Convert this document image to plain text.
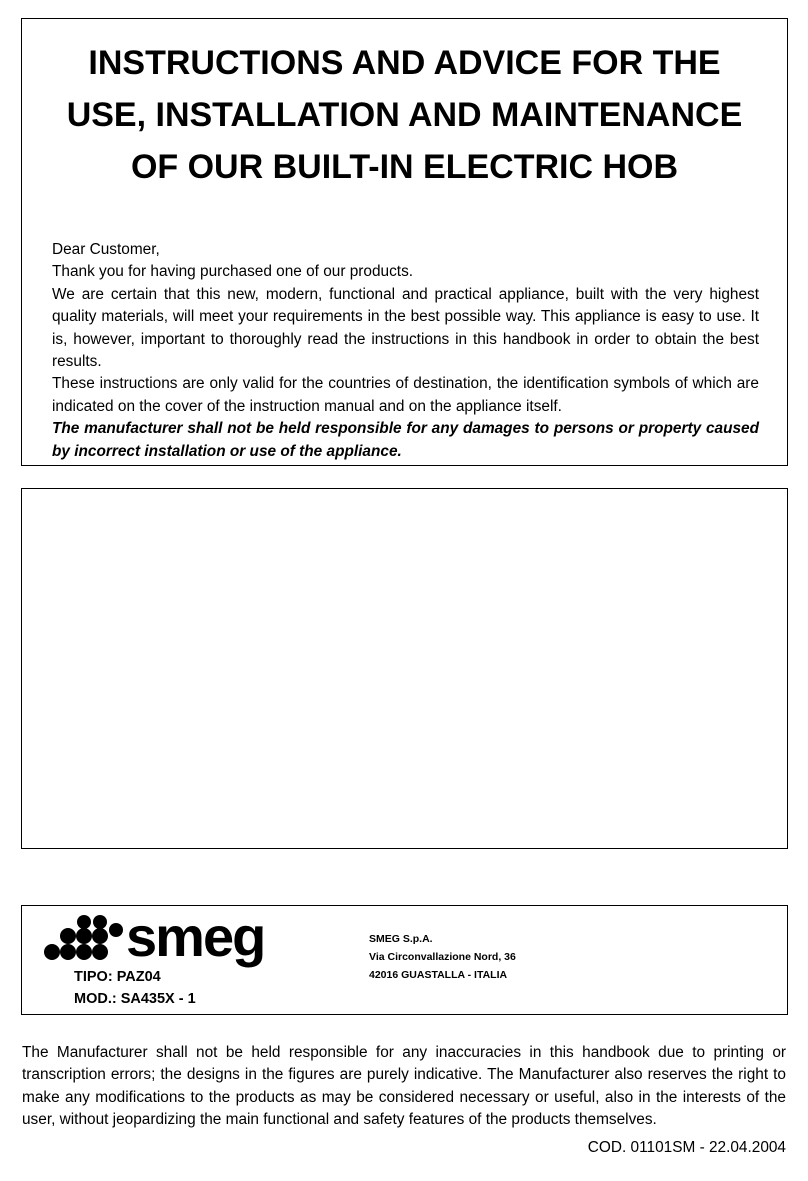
INSTRUCTIONS AND ADVICE FOR THE
USE, INSTALLATION AND MAINTENANCE
OF OUR BUILT-IN ELECTRIC HOB

Dear Customer,

Thank you for having purchased one of our products.

We are certain that this new, modern, functional and practical appliance, built with the very highest quality materials, will meet your requirements in the best possible way. This appliance is easy to use. It is, however, important to thoroughly read the instructions in this handbook in order to obtain the best results.

These instructions are only valid for the countries of destination, the identification symbols of which are indicated on the cover of the instruction manual and on the appliance itself.

The manufacturer shall not be held responsible for any damages to persons or property caused by incorrect installation or use of the appliance.

smeg
TIPO: PAZ04
MOD.: SA435X - 1
SMEG S.p.A.
Via Circonvallazione Nord, 36
42016 GUASTALLA - ITALIA

The Manufacturer shall not be held responsible for any inaccuracies in this handbook due to printing or transcription errors; the designs in the figures are purely indicative. The Manufacturer also reserves the right to make any modifications to the products as may be considered necessary or useful, also in the interests of the user, without jeopardizing the main functional and safety features of the products themselves.

COD. 01101SM - 22.04.2004
